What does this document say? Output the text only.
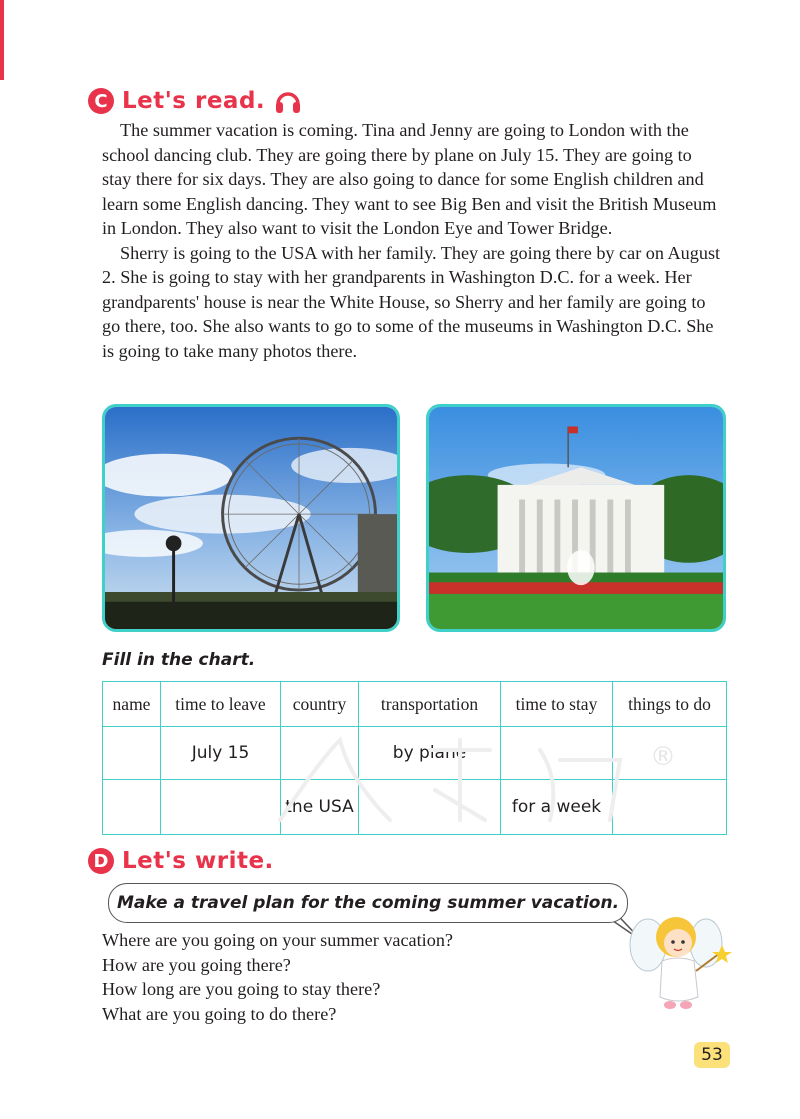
C Let's read.

The summer vacation is coming. Tina and Jenny are going to London with the school dancing club. They are going there by plane on July 15. They are going to stay there for six days. They are also going to dance for some English children and learn some English dancing. They want to see Big Ben and visit the British Museum in London. They also want to visit the London Eye and Tower Bridge.

Sherry is going to the USA with her family. They are going there by car on August 2. She is going to stay with her grandparents in Washington D.C. for a week. Her grandparents' house is near the White House, so Sherry and her family are going to go there, too. She also wants to go to some of the museums in Washington D.C. She is going to take many photos there.

Fill in the chart.
name	time to leave	country	transportation	time to stay	things to do
	July 15		by plane		
		the USA		for a week	
®
D Let's write.
Make a travel plan for the coming summer vacation.
Where are you going on your summer vacation?
How are you going there?
How long are you going to stay there?
What are you going to do there?
53
